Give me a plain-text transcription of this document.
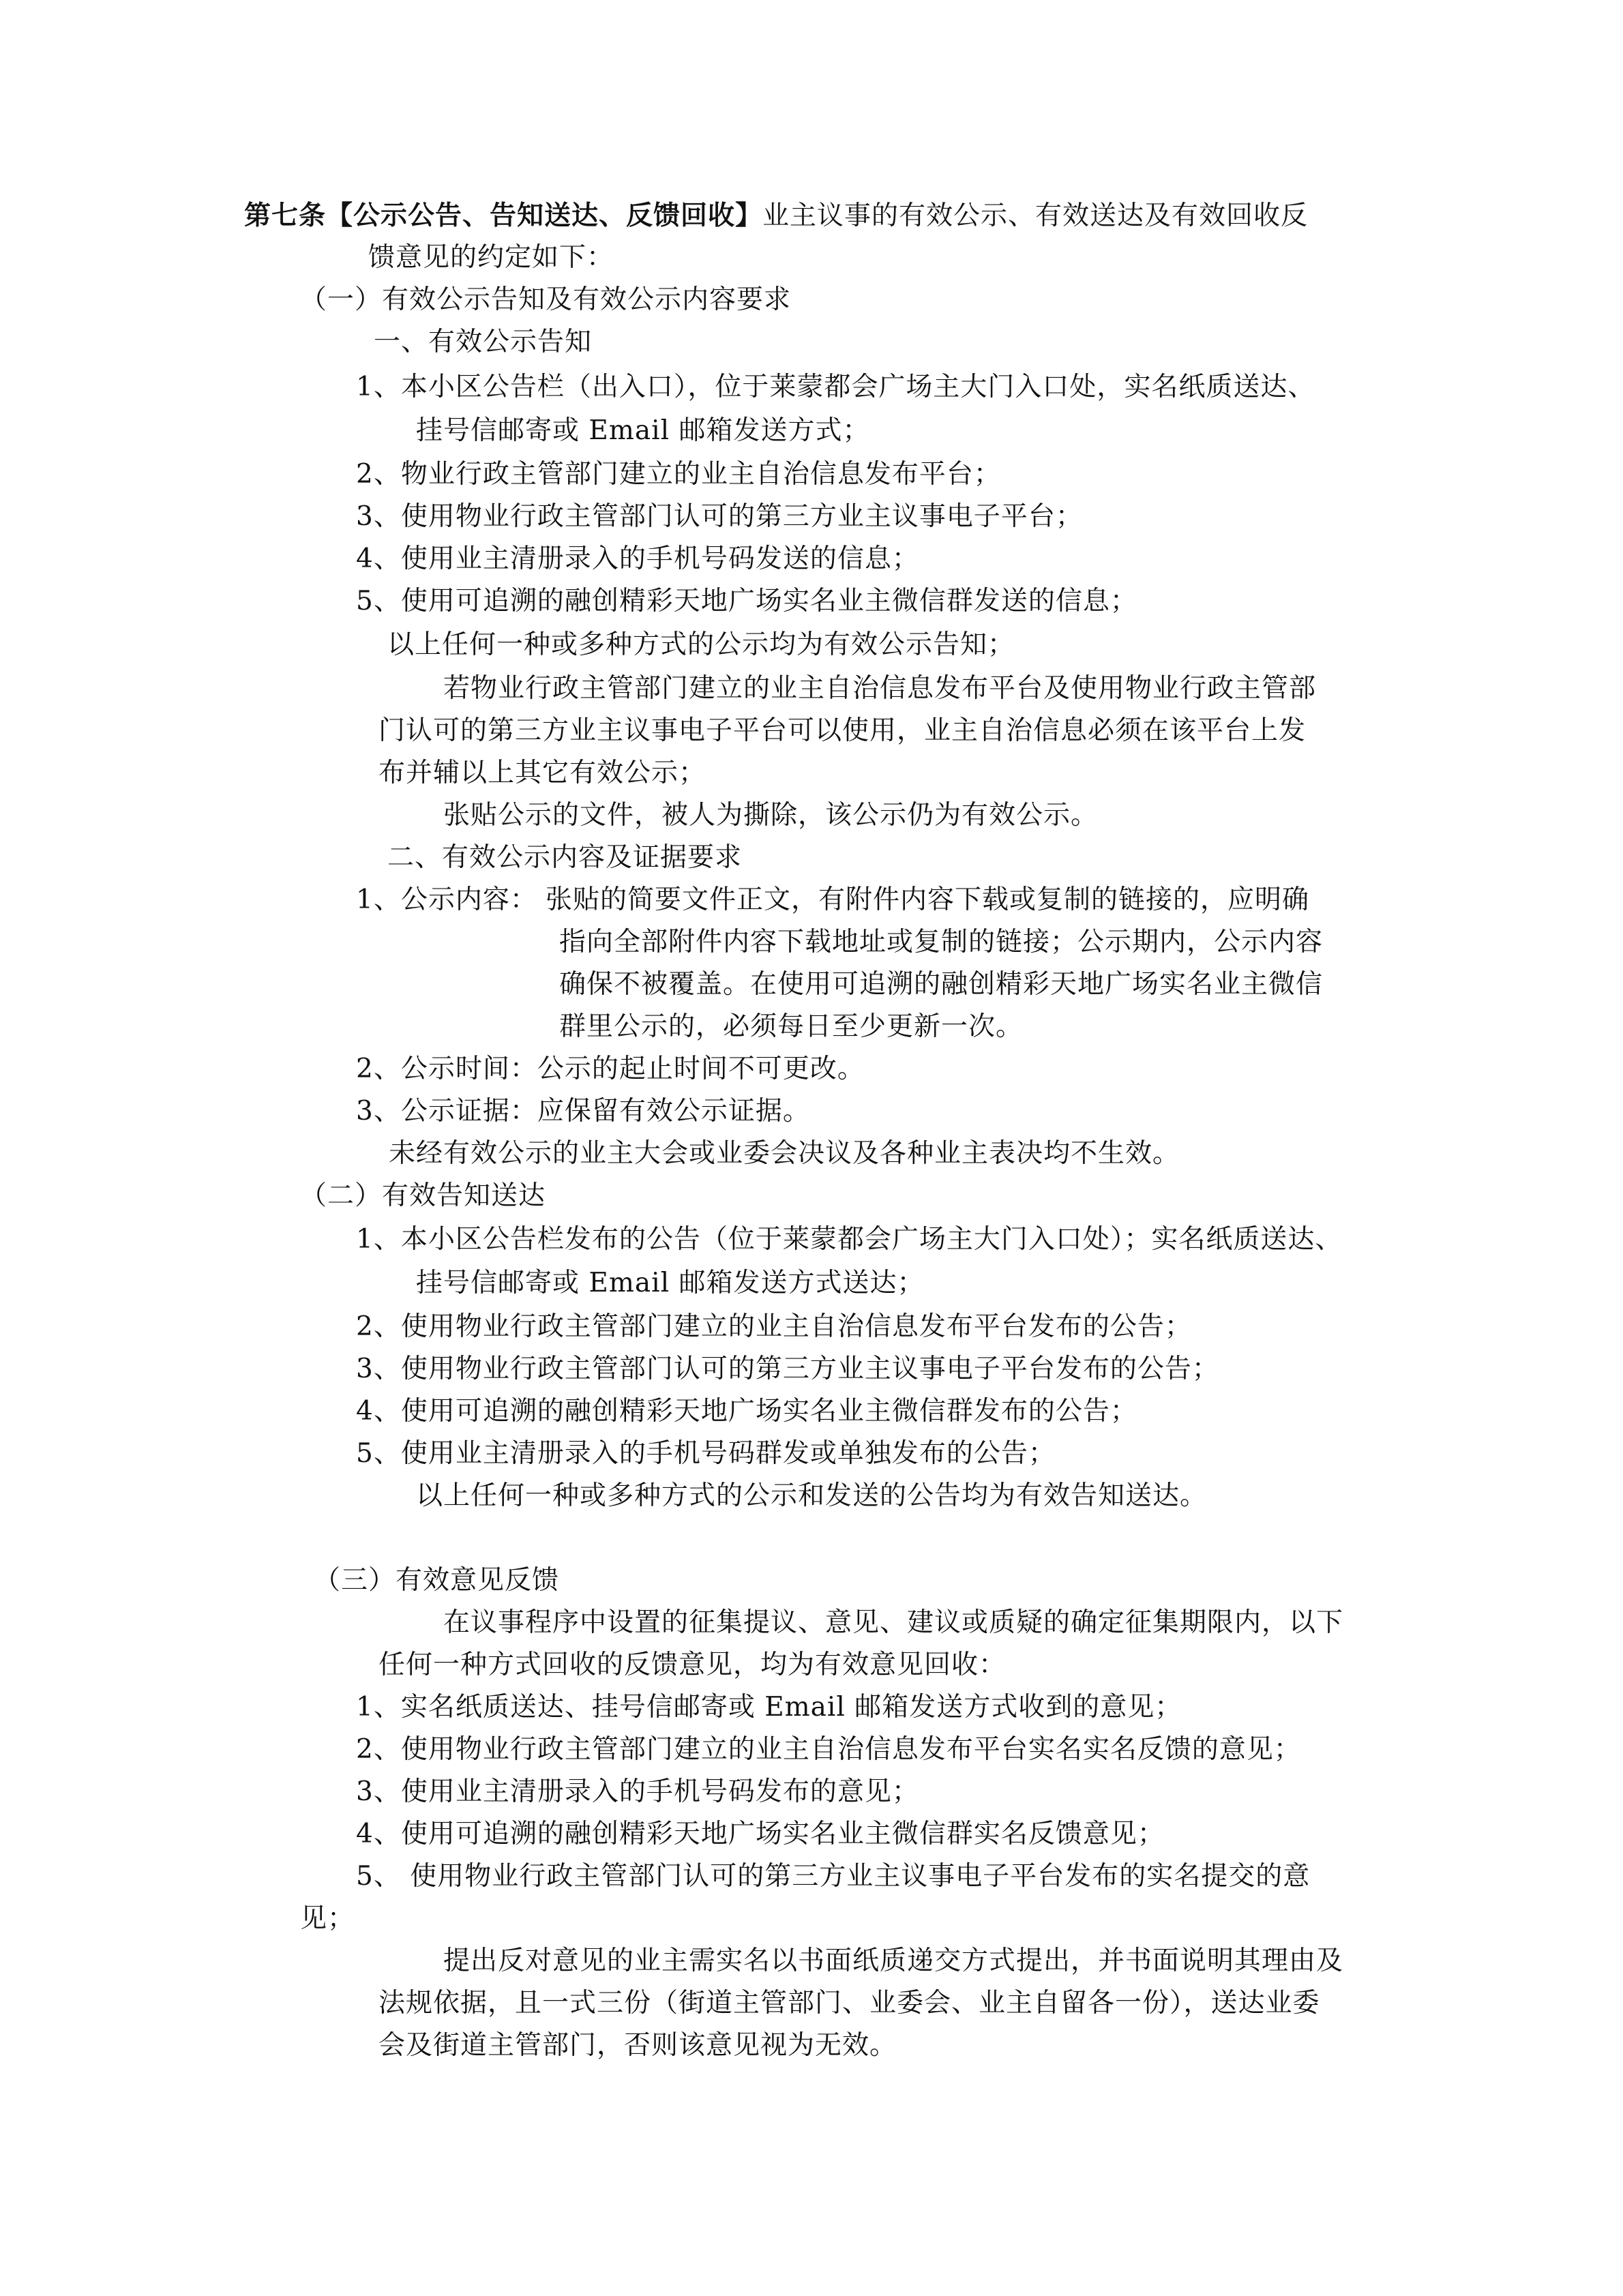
第七条【公示公告、告知送达、反馈回收】业主议事的有效公示、有效送达及有效回收反

馈意见的约定如下：

（一）有效公示告知及有效公示内容要求

一、有效公示告知

1、本小区公告栏（出入口），位于莱蒙都会广场主大门入口处，实名纸质送达、

挂号信邮寄或 Email 邮箱发送方式；

2、物业行政主管部门建立的业主自治信息发布平台；

3、使用物业行政主管部门认可的第三方业主议事电子平台；

4、使用业主清册录入的手机号码发送的信息；

5、使用可追溯的融创精彩天地广场实名业主微信群发送的信息；

以上任何一种或多种方式的公示均为有效公示告知；

若物业行政主管部门建立的业主自治信息发布平台及使用物业行政主管部

门认可的第三方业主议事电子平台可以使用，业主自治信息必须在该平台上发

布并辅以上其它有效公示；

张贴公示的文件，被人为撕除，该公示仍为有效公示。

二、有效公示内容及证据要求

1、公示内容： 张贴的简要文件正文，有附件内容下载或复制的链接的，应明确

指向全部附件内容下载地址或复制的链接；公示期内，公示内容

确保不被覆盖。在使用可追溯的融创精彩天地广场实名业主微信

群里公示的，必须每日至少更新一次。

2、公示时间：公示的起止时间不可更改。

3、公示证据：应保留有效公示证据。

未经有效公示的业主大会或业委会决议及各种业主表决均不生效。

（二）有效告知送达

1、本小区公告栏发布的公告（位于莱蒙都会广场主大门入口处）；实名纸质送达、

挂号信邮寄或 Email 邮箱发送方式送达；

2、使用物业行政主管部门建立的业主自治信息发布平台发布的公告；

3、使用物业行政主管部门认可的第三方业主议事电子平台发布的公告；

4、使用可追溯的融创精彩天地广场实名业主微信群发布的公告；

5、使用业主清册录入的手机号码群发或单独发布的公告；

以上任何一种或多种方式的公示和发送的公告均为有效告知送达。

（三）有效意见反馈

在议事程序中设置的征集提议、意见、建议或质疑的确定征集期限内，以下

任何一种方式回收的反馈意见，均为有效意见回收：

1、实名纸质送达、挂号信邮寄或 Email 邮箱发送方式收到的意见；

2、使用物业行政主管部门建立的业主自治信息发布平台实名实名反馈的意见；

3、使用业主清册录入的手机号码发布的意见；

4、使用可追溯的融创精彩天地广场实名业主微信群实名反馈意见；

5、 使用物业行政主管部门认可的第三方业主议事电子平台发布的实名提交的意

见；

提出反对意见的业主需实名以书面纸质递交方式提出，并书面说明其理由及

法规依据，且一式三份（街道主管部门、业委会、业主自留各一份），送达业委

会及街道主管部门，否则该意见视为无效。
